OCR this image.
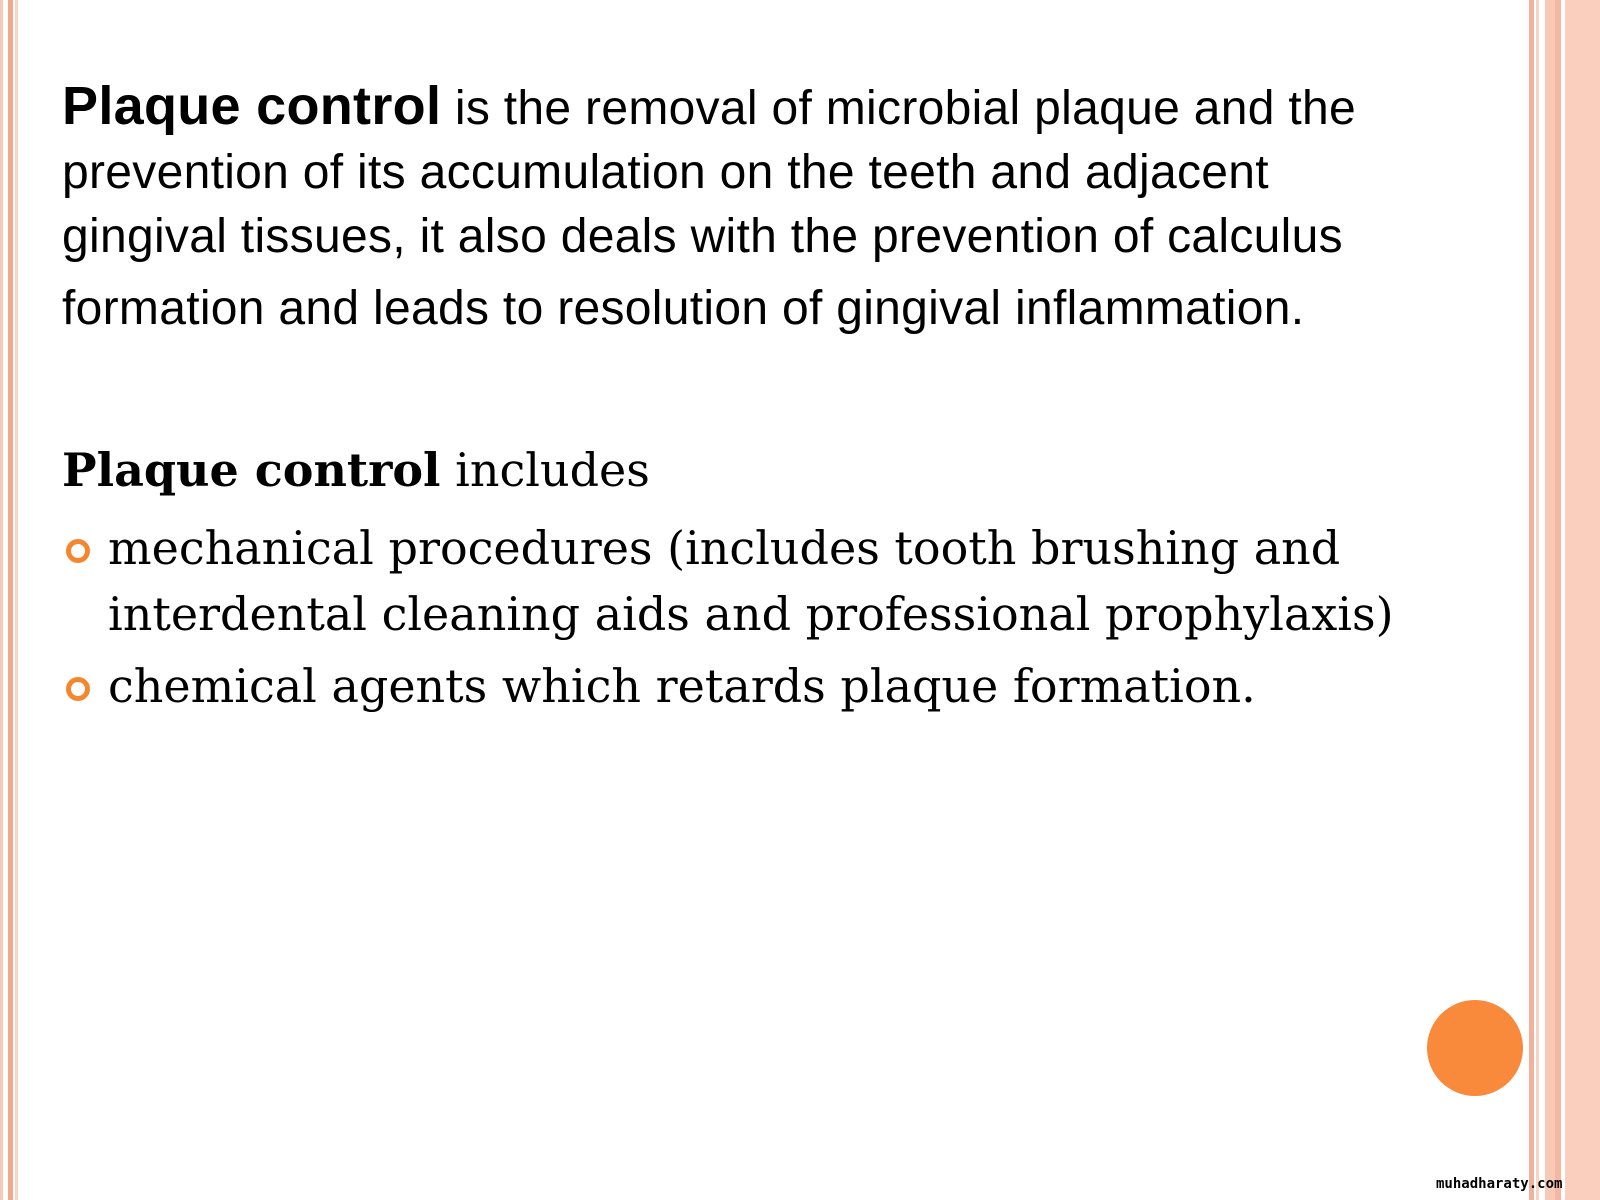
Plaque control is the removal of microbial plaque and the
prevention of its accumulation on the teeth and adjacent
gingival tissues, it also deals with the prevention of calculus
formation and leads to resolution of gingival inflammation.
Plaque control includes
mechanical procedures (includes tooth brushing and
interdental cleaning aids and professional prophylaxis)
chemical agents which retards plaque formation.
muhadharaty.com
